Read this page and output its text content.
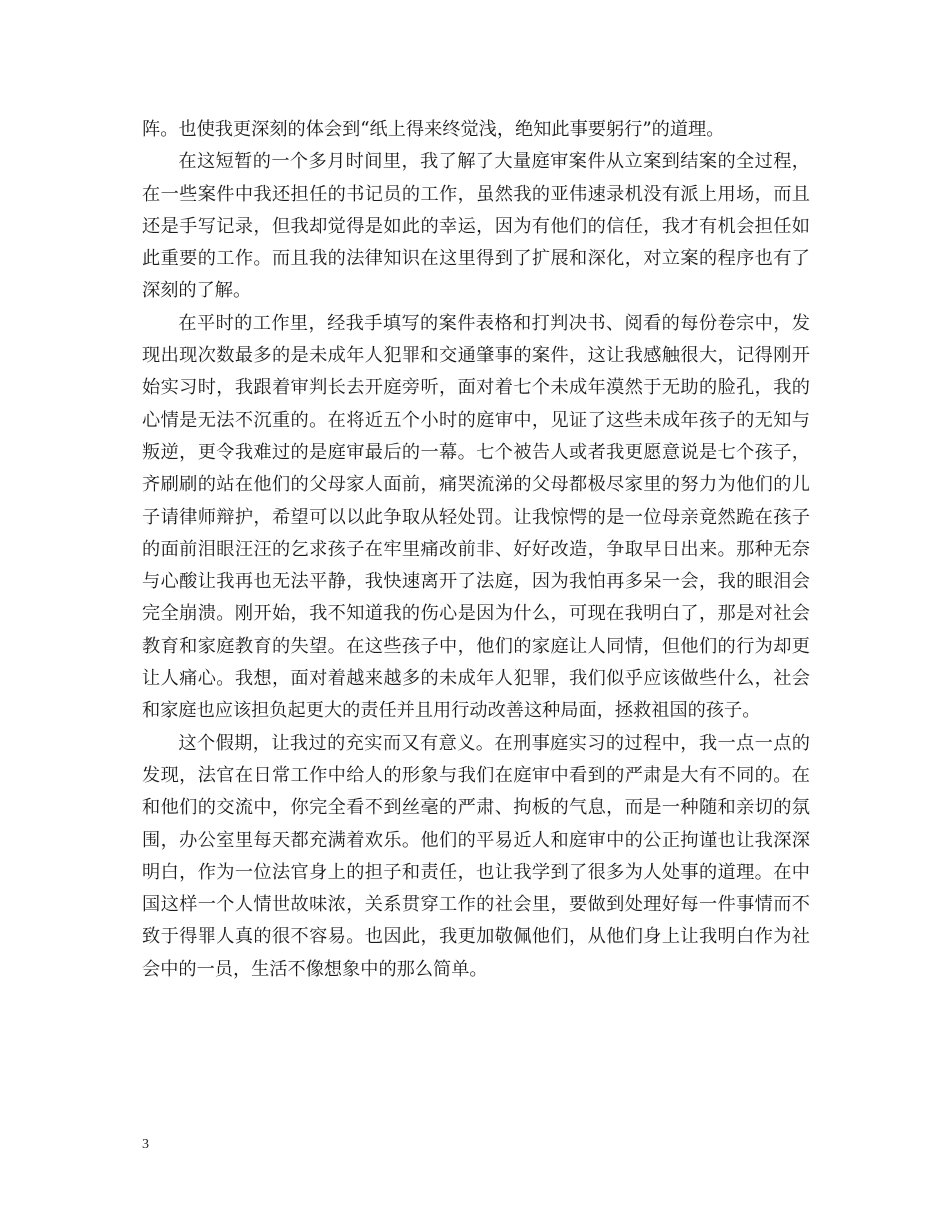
阵。也使我更深刻的体会到“纸上得来终觉浅，绝知此事要躬行”的道理。

在这短暂的一个多月时间里，我了解了大量庭审案件从立案到结案的全过程，在一些案件中我还担任的书记员的工作，虽然我的亚伟速录机没有派上用场，而且还是手写记录，但我却觉得是如此的幸运，因为有他们的信任，我才有机会担任如此重要的工作。而且我的法律知识在这里得到了扩展和深化，对立案的程序也有了深刻的了解。

在平时的工作里，经我手填写的案件表格和打判决书、阅看的每份卷宗中，发现出现次数最多的是未成年人犯罪和交通肇事的案件，这让我感触很大，记得刚开始实习时，我跟着审判长去开庭旁听，面对着七个未成年漠然于无助的脸孔，我的心情是无法不沉重的。在将近五个小时的庭审中，见证了这些未成年孩子的无知与叛逆，更令我难过的是庭审最后的一幕。七个被告人或者我更愿意说是七个孩子，齐刷刷的站在他们的父母家人面前，痛哭流涕的父母都极尽家里的努力为他们的儿子请律师辩护，希望可以以此争取从轻处罚。让我惊愕的是一位母亲竟然跪在孩子的面前泪眼汪汪的乞求孩子在牢里痛改前非、好好改造，争取早日出来。那种无奈与心酸让我再也无法平静，我快速离开了法庭，因为我怕再多呆一会，我的眼泪会完全崩溃。刚开始，我不知道我的伤心是因为什么，可现在我明白了，那是对社会教育和家庭教育的失望。在这些孩子中，他们的家庭让人同情，但他们的行为却更让人痛心。我想，面对着越来越多的未成年人犯罪，我们似乎应该做些什么，社会和家庭也应该担负起更大的责任并且用行动改善这种局面，拯救祖国的孩子。

这个假期，让我过的充实而又有意义。在刑事庭实习的过程中，我一点一点的发现，法官在日常工作中给人的形象与我们在庭审中看到的严肃是大有不同的。在和他们的交流中，你完全看不到丝毫的严肃、拘板的气息，而是一种随和亲切的氛围，办公室里每天都充满着欢乐。他们的平易近人和庭审中的公正拘谨也让我深深明白，作为一位法官身上的担子和责任，也让我学到了很多为人处事的道理。在中国这样一个人情世故味浓，关系贯穿工作的社会里，要做到处理好每一件事情而不致于得罪人真的很不容易。也因此，我更加敬佩他们，从他们身上让我明白作为社会中的一员，生活不像想象中的那么简单。

3
